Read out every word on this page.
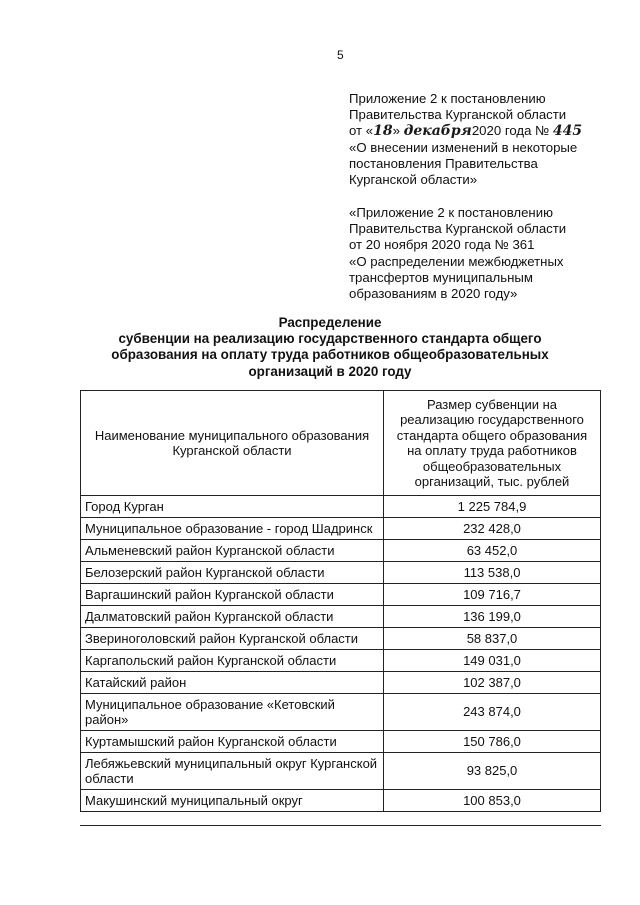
5
Приложение 2 к постановлению
Правительства Курганской области
от «18» декабря2020 года № 445
«О внесении изменений в некоторые
постановления Правительства
Курганской области»
«Приложение 2 к постановлению
Правительства Курганской области
от 20 ноября 2020 года № 361
«О распределении межбюджетных
трансфертов муниципальным
образованиям в 2020 году»
Распределение
субвенции на реализацию государственного стандарта общего
образования на оплату труда работников общеобразовательных
организаций в 2020 году
Наименование муниципального образования Курганской области	Размер субвенции на реализацию государственного стандарта общего образования на оплату труда работников общеобразовательных организаций, тыс. рублей
Город Курган	1 225 784,9
Муниципальное образование - город Шадринск	232 428,0
Альменевский район Курганской области	63 452,0
Белозерский район Курганской области	113 538,0
Варгашинский район Курганской области	109 716,7
Далматовский район Курганской области	136 199,0
Звериноголовский район Курганской области	58 837,0
Каргапольский район Курганской области	149 031,0
Катайский район	102 387,0
Муниципальное образование «Кетовский район»	243 874,0
Куртамышский район Курганской области	150 786,0
Лебяжьевский муниципальный округ Курганской области	93 825,0
Макушинский муниципальный округ	100 853,0
